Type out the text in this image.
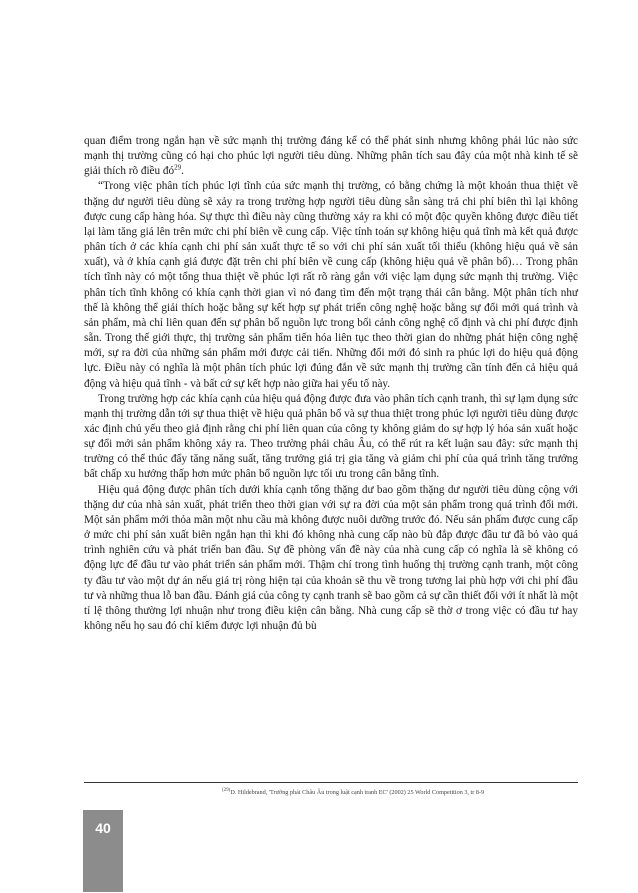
quan điểm trong ngắn hạn về sức mạnh thị trường đáng kể có thể phát sinh nhưng không phải lúc nào sức mạnh thị trường cũng có hại cho phúc lợi người tiêu dùng. Những phân tích sau đây của một nhà kinh tế sẽ giải thích rõ điều $đó^{29}$.

“Trong việc phân tích phúc lợi tĩnh của sức mạnh thị trường, có bằng chứng là một khoản thua thiệt về thặng dư người tiêu dùng sẽ xảy ra trong trường hợp người tiêu dùng sẵn sàng trả chi phí biên thì lại không được cung cấp hàng hóa. Sự thực thì điều này cũng thường xảy ra khi có một độc quyền không được điều tiết lại làm tăng giá lên trên mức chi phí biên về cung cấp. Việc tính toán sự không hiệu quả tĩnh mà kết quả được phân tích ở các khía cạnh chi phí sản xuất thực tế so với chi phí sản xuất tối thiểu (không hiệu quả về sản xuất), và ở khía cạnh giá được đặt trên chi phí biên về cung cấp (không hiệu quả về phân bổ)… Trong phân tích tĩnh này có một tổng thua thiệt về phúc lợi rất rõ ràng gắn với việc lạm dụng sức mạnh thị trường. Việc phân tích tĩnh không có khía cạnh thời gian vì nó đang tìm đến một trạng thái cân bằng. Một phân tích như thế là không thể giải thích hoặc bằng sự kết hợp sự phát triển công nghệ hoặc bằng sự đổi mới quá trình và sản phẩm, mà chỉ liên quan đến sự phân bổ nguồn lực trong bối cảnh công nghệ cố định và chi phí được định sẵn. Trong thế giới thực, thị trường sản phẩm tiến hóa liên tục theo thời gian do những phát hiện công nghệ mới, sự ra đời của những sản phẩm mới được cải tiến. Những đổi mới đó sinh ra phúc lợi do hiệu quả động lực. Điều này có nghĩa là một phân tích phúc lợi đúng đắn về sức mạnh thị trường cần tính đến cả hiệu quả động và hiệu quả tĩnh - và bất cứ sự kết hợp nào giữa hai yếu tố này.

Trong trường hợp các khía cạnh của hiệu quả động được đưa vào phân tích cạnh tranh, thì sự lạm dụng sức mạnh thị trường dẫn tới sự thua thiệt về hiệu quả phân bổ và sự thua thiệt trong phúc lợi người tiêu dùng được xác định chủ yếu theo giả định rằng chi phí liên quan của công ty không giảm do sự hợp lý hóa sản xuất hoặc sự đổi mới sản phẩm không xảy ra. Theo trường phái châu Âu, có thể rút ra kết luận sau đây: sức mạnh thị trường có thể thúc đẩy tăng năng suất, tăng trưởng giá trị gia tăng và giảm chi phí của quá trình tăng trưởng bất chấp xu hướng thấp hơn mức phân bổ nguồn lực tối ưu trong cân bằng tĩnh.

Hiệu quả động được phân tích dưới khía cạnh tổng thặng dư bao gồm thặng dư người tiêu dùng cộng với thặng dư của nhà sản xuất, phát triển theo thời gian với sự ra đời của một sản phẩm trong quá trình đổi mới. Một sản phẩm mới thỏa mãn một nhu cầu mà không được nuôi dưỡng trước đó. Nếu sản phẩm được cung cấp ở mức chi phí sản xuất biên ngắn hạn thì khi đó không nhà cung cấp nào bù đắp được đầu tư đã bỏ vào quá trình nghiên cứu và phát triển ban đầu. Sự đề phòng vấn đề này của nhà cung cấp có nghĩa là sẽ không có động lực để đầu tư vào phát triển sản phẩm mới. Thậm chí trong tình huống thị trường cạnh tranh, một công ty đầu tư vào một dự án nếu giá trị ròng hiện tại của khoản sẽ thu về trong tương lai phù hợp với chi phí đầu tư và những thua lỗ ban đầu. Đánh giá của công ty cạnh tranh sẽ bao gồm cả sự cần thiết đối với ít nhất là một tỉ lệ thông thường lợi nhuận như trong điều kiện cân bằng. Nhà cung cấp sẽ thờ ơ trong việc có đầu tư hay không nếu họ sau đó chỉ kiếm được lợi nhuận đủ bù

$^{(29)}$D. Hildebrand, 'Trường phái Châu Âu trong luật cạnh tranh EC' (2002) 25 World Competition 3, tr 8-9
40
